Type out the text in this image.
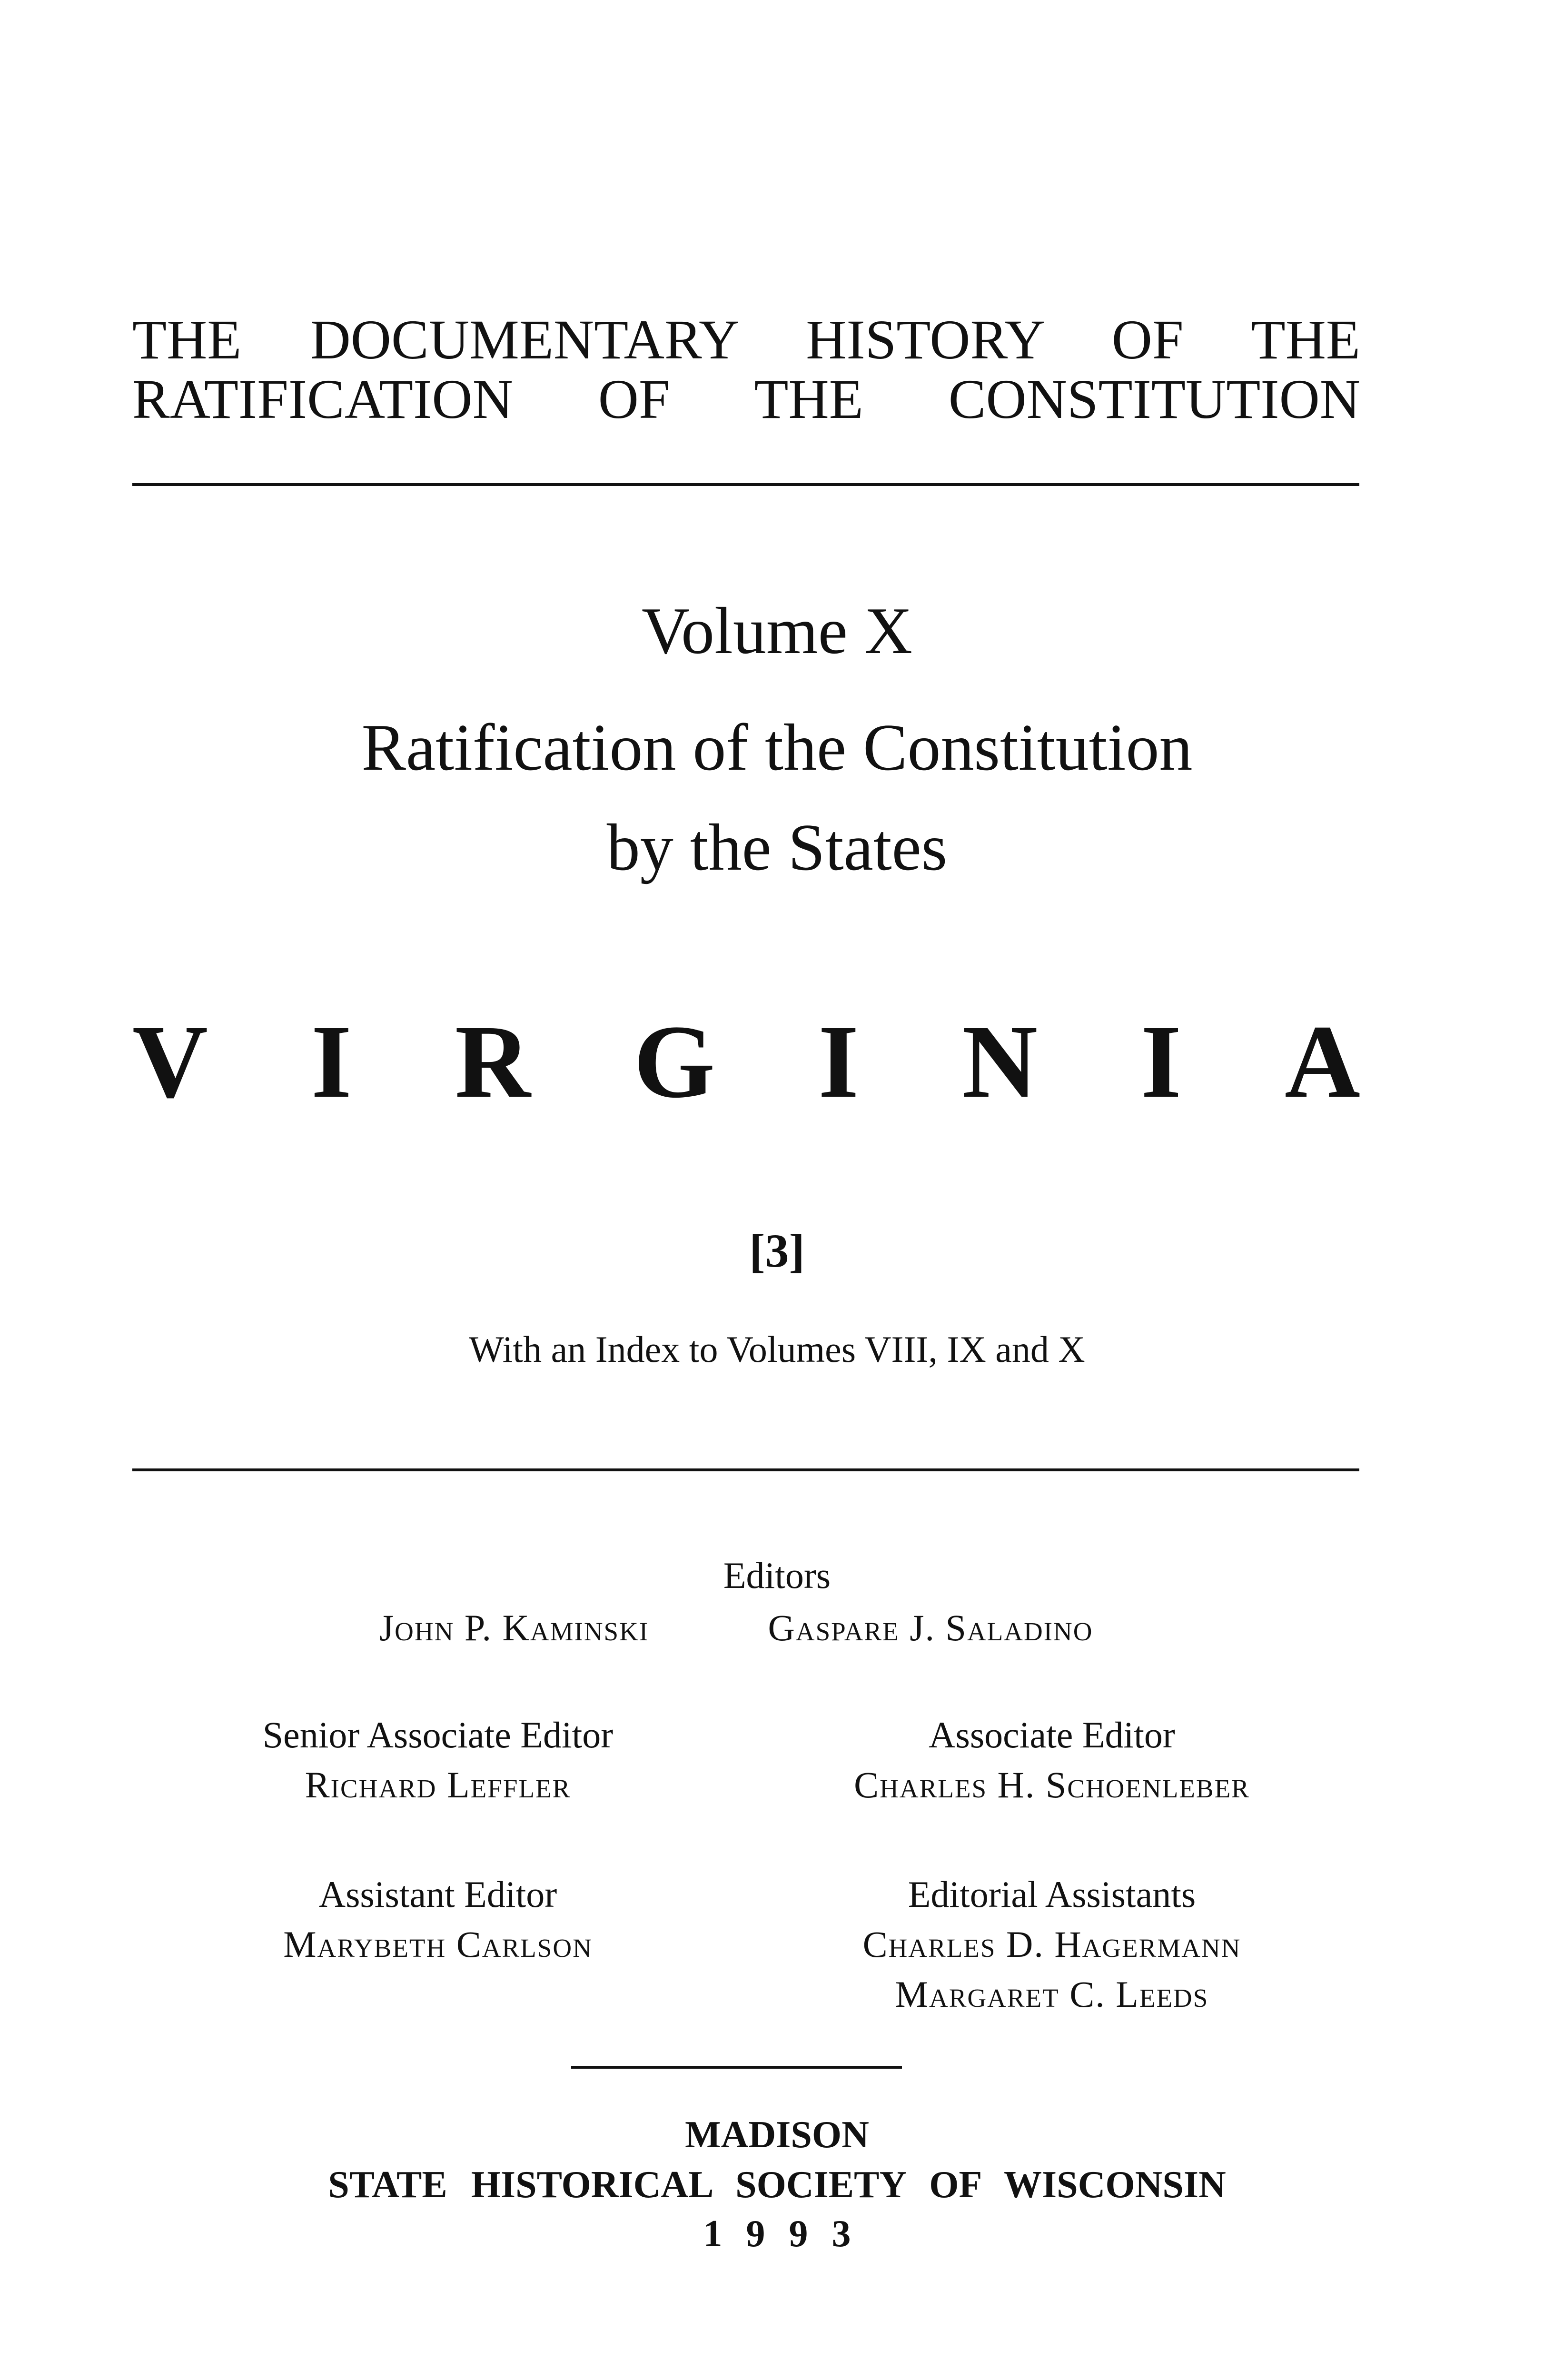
THE DOCUMENTARY HISTORY OF THE
RATIFICATION OF THE CONSTITUTION
Volume X
Ratification of the Constitution
by the States
V I R G I N I A
[3]
With an Index to Volumes VIII, IX and X
Editors
John P. Kaminski	Gaspare J. Saladino
Senior Associate Editor
Richard Leffler
Associate Editor
Charles H. Schoenleber
Assistant Editor
Marybeth Carlson
Editorial Assistants
Charles D. Hagermann
Margaret C. Leeds
MADISON
STATE HISTORICAL SOCIETY OF WISCONSIN
1993
